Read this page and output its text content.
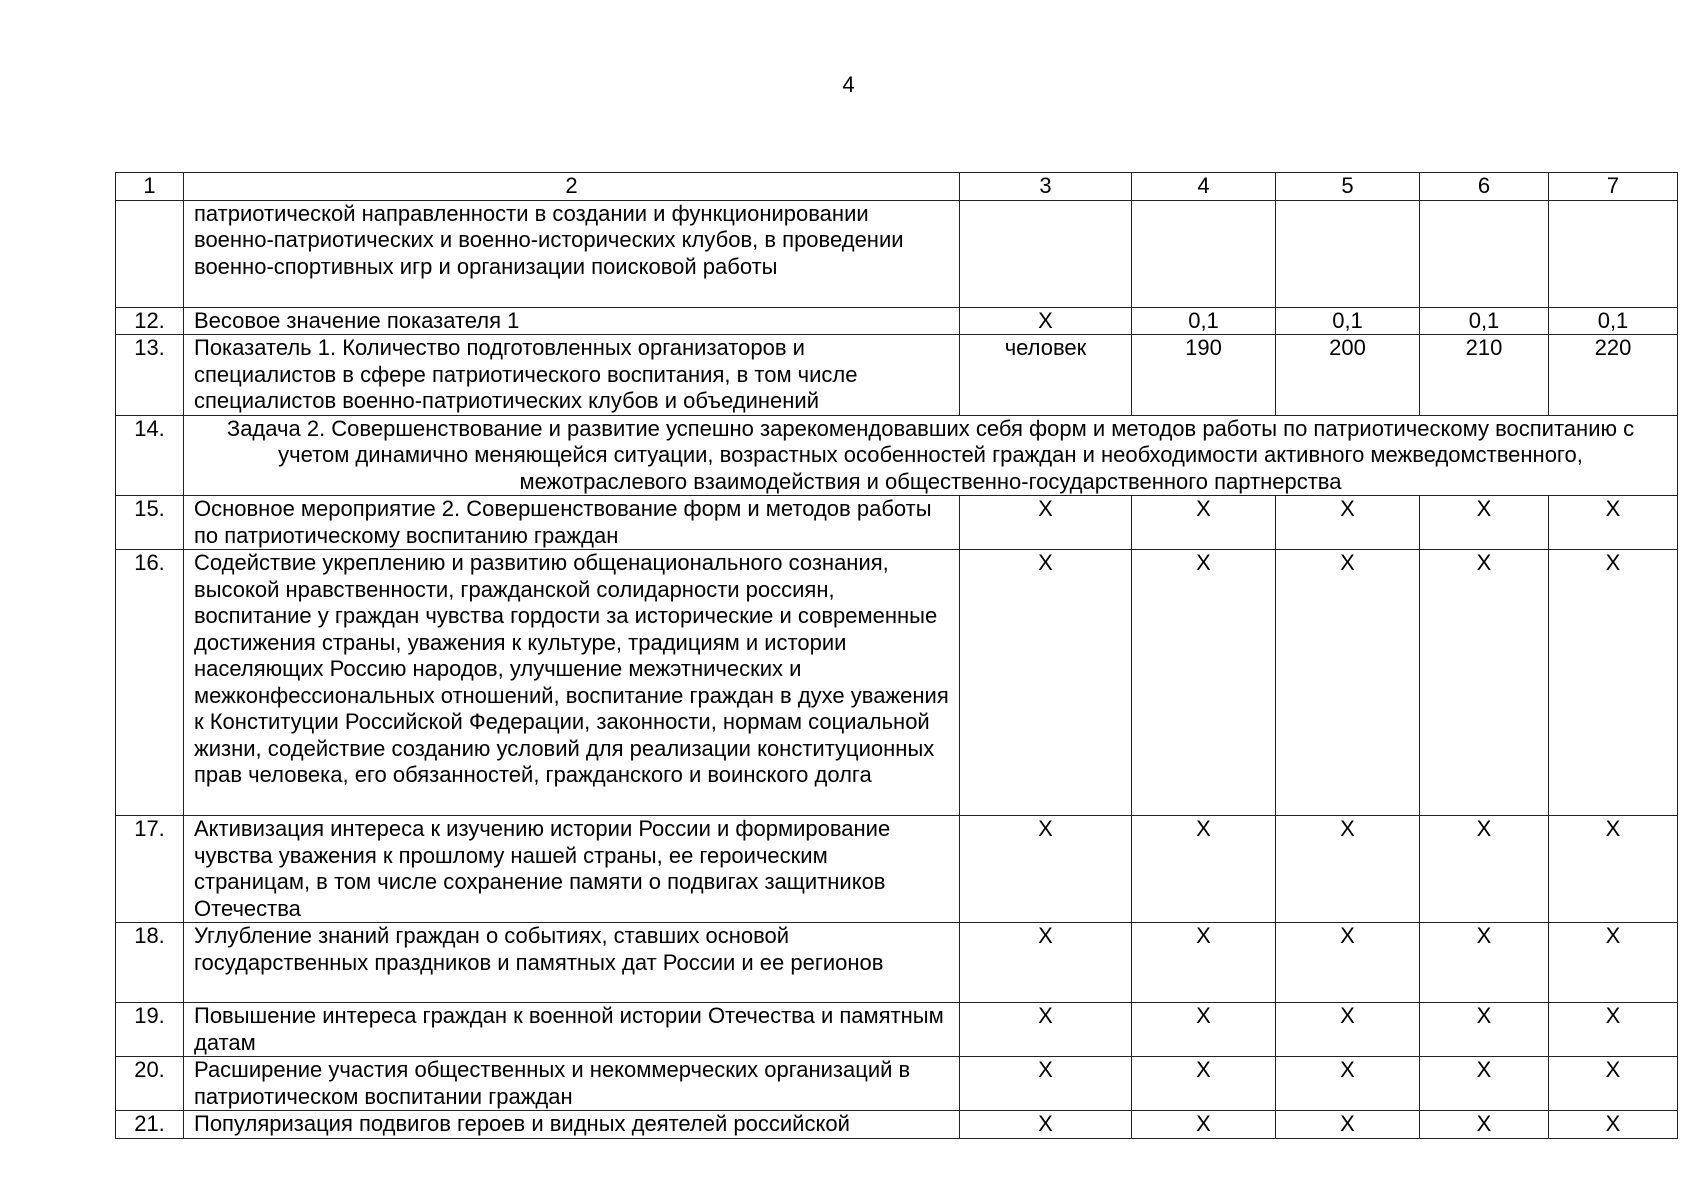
4
1	2	3	4	5	6	7
	патриотической направленности в создании и функционировании военно-патриотических и военно-исторических клубов, в проведении военно-спортивных игр и организации поисковой работы					
12.	Весовое значение показателя 1	Х	0,1	0,1	0,1	0,1
13.	Показатель 1. Количество подготовленных организаторов и специалистов в сфере патриотического воспитания, в том числе специалистов военно-патриотических клубов и объединений	человек	190	200	210	220
14.	Задача 2. Совершенствование и развитие успешно зарекомендовавших себя форм и методов работы по патриотическому воспитанию с учетом динамично меняющейся ситуации, возрастных особенностей граждан и необходимости активного межведомственного, межотраслевого взаимодействия и общественно-государственного партнерства					
15.	Основное мероприятие 2. Совершенствование форм и методов работы по патриотическому воспитанию граждан	Х	Х	Х	Х	Х
16.	Содействие укреплению и развитию общенационального сознания, высокой нравственности, гражданской солидарности россиян, воспитание у граждан чувства гордости за исторические и современные достижения страны, уважения к культуре, традициям и истории населяющих Россию народов, улучшение межэтнических и межконфессиональных отношений, воспитание граждан в духе уважения к Конституции Российской Федерации, законности, нормам социальной жизни, содействие созданию условий для реализации конституционных прав человека, его обязанностей, гражданского и воинского долга	Х	Х	Х	Х	Х
17.	Активизация интереса к изучению истории России и формирование чувства уважения к прошлому нашей страны, ее героическим страницам, в том числе сохранение памяти о подвигах защитников Отечества	Х	Х	Х	Х	Х
18.	Углубление знаний граждан о событиях, ставших основой государственных праздников и памятных дат России и ее регионов	Х	Х	Х	Х	Х
19.	Повышение интереса граждан к военной истории Отечества и памятным датам	Х	Х	Х	Х	Х
20.	Расширение участия общественных и некоммерческих организаций в патриотическом воспитании граждан	Х	Х	Х	Х	Х
21.	Популяризация подвигов героев и видных деятелей российской	Х	Х	Х	Х	Х
